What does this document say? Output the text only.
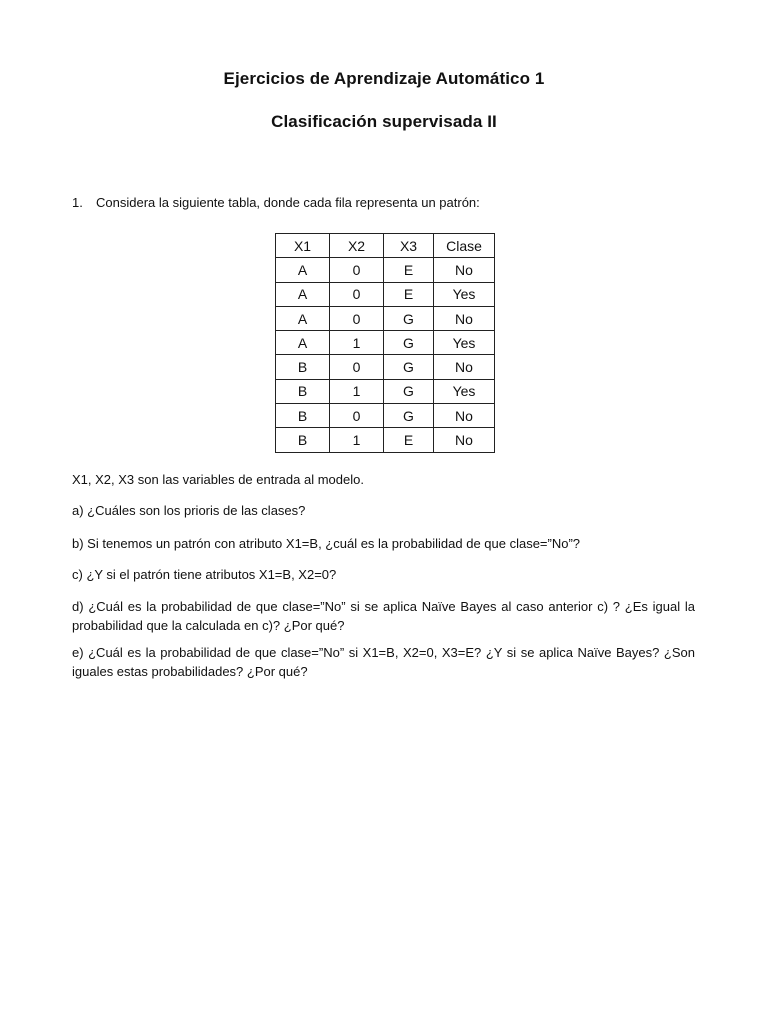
Ejercicios de Aprendizaje Automático 1
Clasificación supervisada II
1. Considera la siguiente tabla, donde cada fila representa un patrón:
X1	X2	X3	Clase
A	0	E	No
A	0	E	Yes
A	0	G	No
A	1	G	Yes
B	0	G	No
B	1	G	Yes
B	0	G	No
B	1	E	No
X1, X2, X3 son las variables de entrada al modelo.
a) ¿Cuáles son los prioris de las clases?
b) Si tenemos un patrón con atributo X1=B, ¿cuál es la probabilidad de que clase=”No”?
c) ¿Y si el patrón tiene atributos X1=B, X2=0?
d) ¿Cuál es la probabilidad de que clase=”No” si se aplica Naïve Bayes al caso anterior c) ? ¿Es igual la probabilidad que la calculada en c)? ¿Por qué?
e) ¿Cuál es la probabilidad de que clase=”No” si X1=B, X2=0, X3=E? ¿Y si se aplica Naïve Bayes? ¿Son iguales estas probabilidades? ¿Por qué?
